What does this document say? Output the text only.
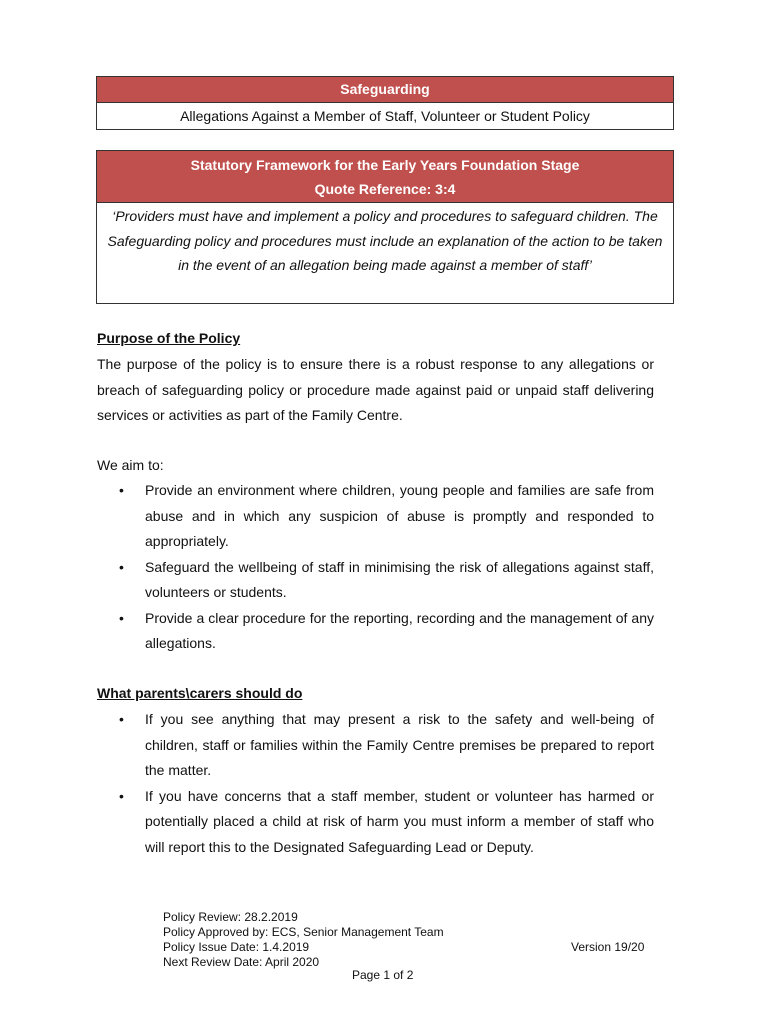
Safeguarding
Allegations Against a Member of Staff, Volunteer or Student Policy
Statutory Framework for the Early Years Foundation Stage
Quote Reference: 3:4
‘Providers must have and implement a policy and procedures to safeguard children. The Safeguarding policy and procedures must include an explanation of the action to be taken in the event of an allegation being made against a member of staff’
Purpose of the Policy
The purpose of the policy is to ensure there is a robust response to any allegations or breach of safeguarding policy or procedure made against paid or unpaid staff delivering services or activities as part of the Family Centre.
We aim to:
• Provide an environment where children, young people and families are safe from abuse and in which any suspicion of abuse is promptly and responded to appropriately.
• Safeguard the wellbeing of staff in minimising the risk of allegations against staff, volunteers or students.
• Provide a clear procedure for the reporting, recording and the management of any allegations.
What parents\carers should do
• If you see anything that may present a risk to the safety and well-being of children, staff or families within the Family Centre premises be prepared to report the matter.
• If you have concerns that a staff member, student or volunteer has harmed or potentially placed a child at risk of harm you must inform a member of staff who will report this to the Designated Safeguarding Lead or Deputy.
Policy Review: 28.2.2019
Policy Approved by: ECS, Senior Management Team
Policy Issue Date: 1.4.2019
Next Review Date: April 2020
Version 19/20
Page 1 of 2
